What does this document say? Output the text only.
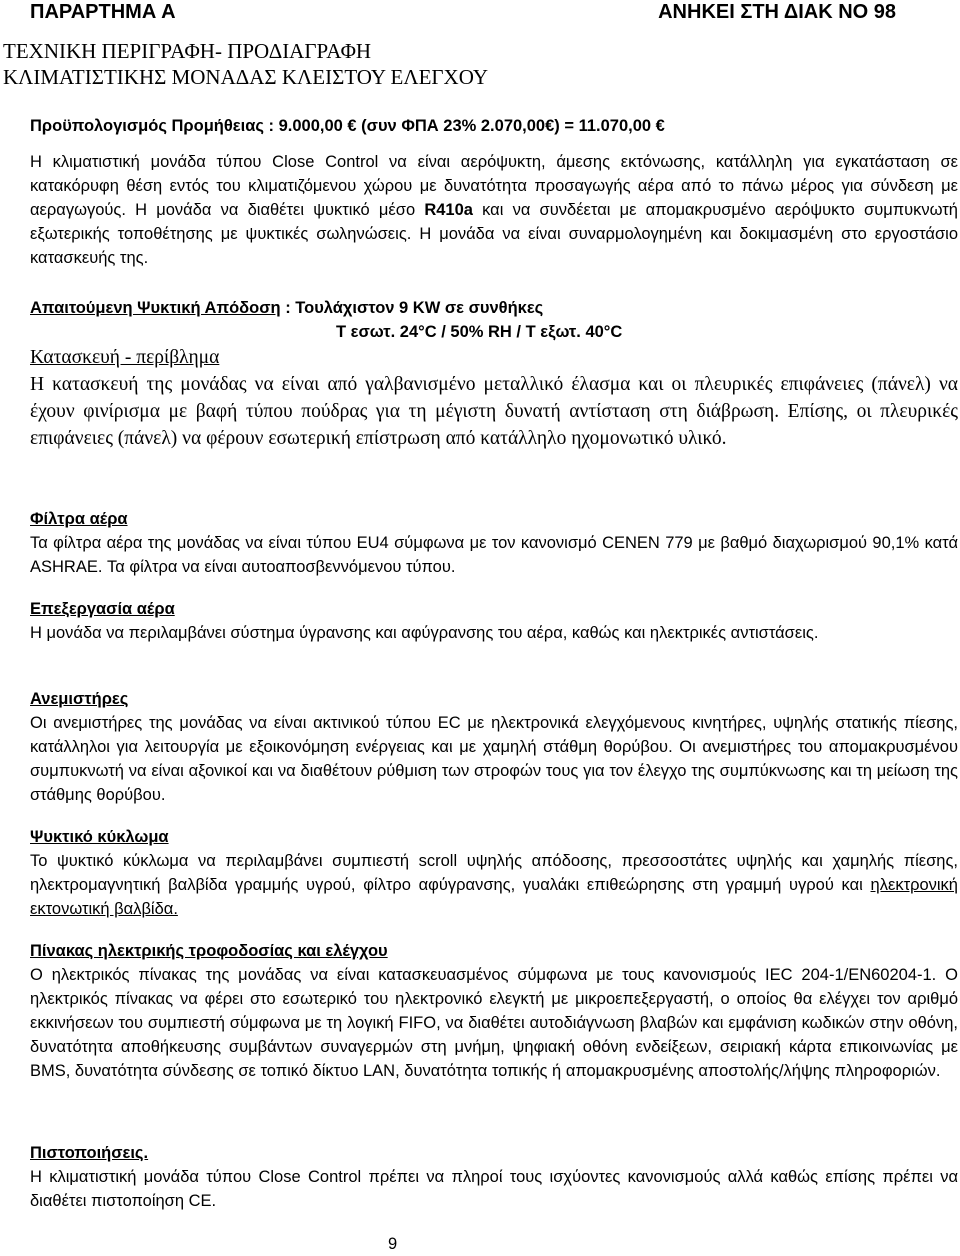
ΠΑΡΑΡΤΗΜΑ Α	ΑΝΗΚΕΙ ΣΤΗ ΔΙΑΚ ΝΟ 98
ΤΕΧΝΙΚΗ ΠΕΡΙΓΡΑΦΗ- ΠΡΟΔΙΑΓΡΑΦΗ
ΚΛΙΜΑΤΙΣΤΙΚΗΣ ΜΟΝΑΔΑΣ ΚΛΕΙΣΤΟΥ ΕΛΕΓΧΟΥ
Προϋπολογισμός Προμήθειας : 9.000,00 € (συν ΦΠΑ 23% 2.070,00€) = 11.070,00 €

Η κλιματιστική μονάδα τύπου Close Control να είναι αερόψυκτη, άμεσης εκτόνωσης, κατάλληλη για εγκατάσταση σε κατακόρυφη θέση εντός του κλιματιζόμενου χώρου με δυνατότητα προσαγωγής αέρα από το πάνω μέρος για σύνδεση με αεραγωγούς. Η μονάδα να διαθέτει ψυκτικό μέσο R410a και να συνδέεται με απομακρυσμένο αερόψυκτο συμπυκνωτή εξωτερικής τοποθέτησης με ψυκτικές σωληνώσεις. Η μονάδα να είναι συναρμολογημένη και δοκιμασμένη στο εργοστάσιο κατασκευής της.

Απαιτούμενη Ψυκτική Απόδοση : Τουλάχιστον 9 KW σε συνθήκες
Τ εσωτ. 24°C / 50% RH / Τ εξωτ. 40°C

Κατασκευή - περίβλημα

Η κατασκευή της μονάδας να είναι από γαλβανισμένο μεταλλικό έλασμα και οι πλευρικές επιφάνειες (πάνελ) να έχουν φινίρισμα με βαφή τύπου πούδρας για τη μέγιστη δυνατή αντίσταση στη διάβρωση. Επίσης, οι πλευρικές επιφάνειες (πάνελ) να φέρουν εσωτερική επίστρωση από κατάλληλο ηχομονωτικό υλικό.

Φίλτρα αέρα

Τα φίλτρα αέρα της μονάδας να είναι τύπου EU4 σύμφωνα με τον κανονισμό CENEN 779 με βαθμό διαχωρισμού 90,1% κατά ASHRAE. Τα φίλτρα να είναι αυτοαποσβεννόμενου τύπου.

Επεξεργασία αέρα

Η μονάδα να περιλαμβάνει σύστημα ύγρανσης και αφύγρανσης του αέρα, καθώς και ηλεκτρικές αντιστάσεις.

Ανεμιστήρες

Οι ανεμιστήρες της μονάδας να είναι ακτινικού τύπου EC με ηλεκτρονικά ελεγχόμενους κινητήρες, υψηλής στατικής πίεσης, κατάλληλοι για λειτουργία με εξοικονόμηση ενέργειας και με χαμηλή στάθμη θορύβου. Οι ανεμιστήρες του απομακρυσμένου συμπυκνωτή να είναι αξονικοί και να διαθέτουν ρύθμιση των στροφών τους για τον έλεγχο της συμπύκνωσης και τη μείωση της στάθμης θορύβου.

Ψυκτικό κύκλωμα

Το ψυκτικό κύκλωμα να περιλαμβάνει συμπιεστή scroll υψηλής απόδοσης, πρεσσοστάτες υψηλής και χαμηλής πίεσης, ηλεκτρομαγνητική βαλβίδα γραμμής υγρού, φίλτρο αφύγρανσης, γυαλάκι επιθεώρησης στη γραμμή υγρού και ηλεκτρονική εκτονωτική βαλβίδα.

Πίνακας ηλεκτρικής τροφοδοσίας και ελέγχου

Ο ηλεκτρικός πίνακας της μονάδας να είναι κατασκευασμένος σύμφωνα με τους κανονισμούς IEC 204-1/EN60204-1. Ο ηλεκτρικός πίνακας να φέρει στο εσωτερικό του ηλεκτρονικό ελεγκτή με μικροεπεξεργαστή, ο οποίος θα ελέγχει τον αριθμό εκκινήσεων του συμπιεστή σύμφωνα με τη λογική FIFO, να διαθέτει αυτοδιάγνωση βλαβών και εμφάνιση κωδικών στην οθόνη, δυνατότητα αποθήκευσης συμβάντων συναγερμών στη μνήμη, ψηφιακή οθόνη ενδείξεων, σειριακή κάρτα επικοινωνίας με BMS, δυνατότητα σύνδεσης σε τοπικό δίκτυο LAN, δυνατότητα τοπικής ή απομακρυσμένης αποστολής/λήψης πληροφοριών.

Πιστοποιήσεις.

Η κλιματιστική μονάδα τύπου Close Control πρέπει να πληροί τους ισχύοντες κανονισμούς αλλά καθώς επίσης πρέπει να διαθέτει πιστοποίηση CE.

9
